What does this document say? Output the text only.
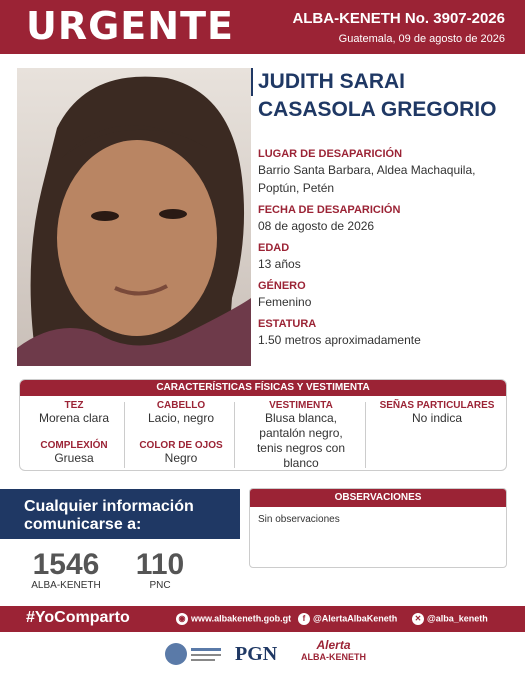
URGENTE	ALBA-KENETH No. 3907-2026
Guatemala, 09 de agosto de 2026
JUDITH SARAI
CASASOLA GREGORIO
LUGAR DE DESAPARICIÓN
Barrio Santa Barbara, Aldea Machaquila,
Poptún, Petén
FECHA DE DESAPARICIÓN
08 de agosto de 2026
EDAD
13 años
GÉNERO
Femenino
ESTATURA
1.50 metros aproximadamente
CARACTERÍSTICAS FÍSICAS Y VESTIMENTA
TEZ
Morena clara
COMPLEXIÓN
Gruesa
CABELLO
Lacio, negro
COLOR DE OJOS
Negro
VESTIMENTA
Blusa blanca,
pantalón negro,
tenis negros con
blanco
SEÑAS PARTICULARES
No indica
Cualquier información
comunicarse a:
1546
ALBA-KENETH
110
PNC
OBSERVACIONES
Sin observaciones
#YoComparto	◉ www.albakeneth.gob.gt	f @AlertaAlbaKeneth	✕ @alba_keneth
PGN	Alerta
ALBA-KENETH
